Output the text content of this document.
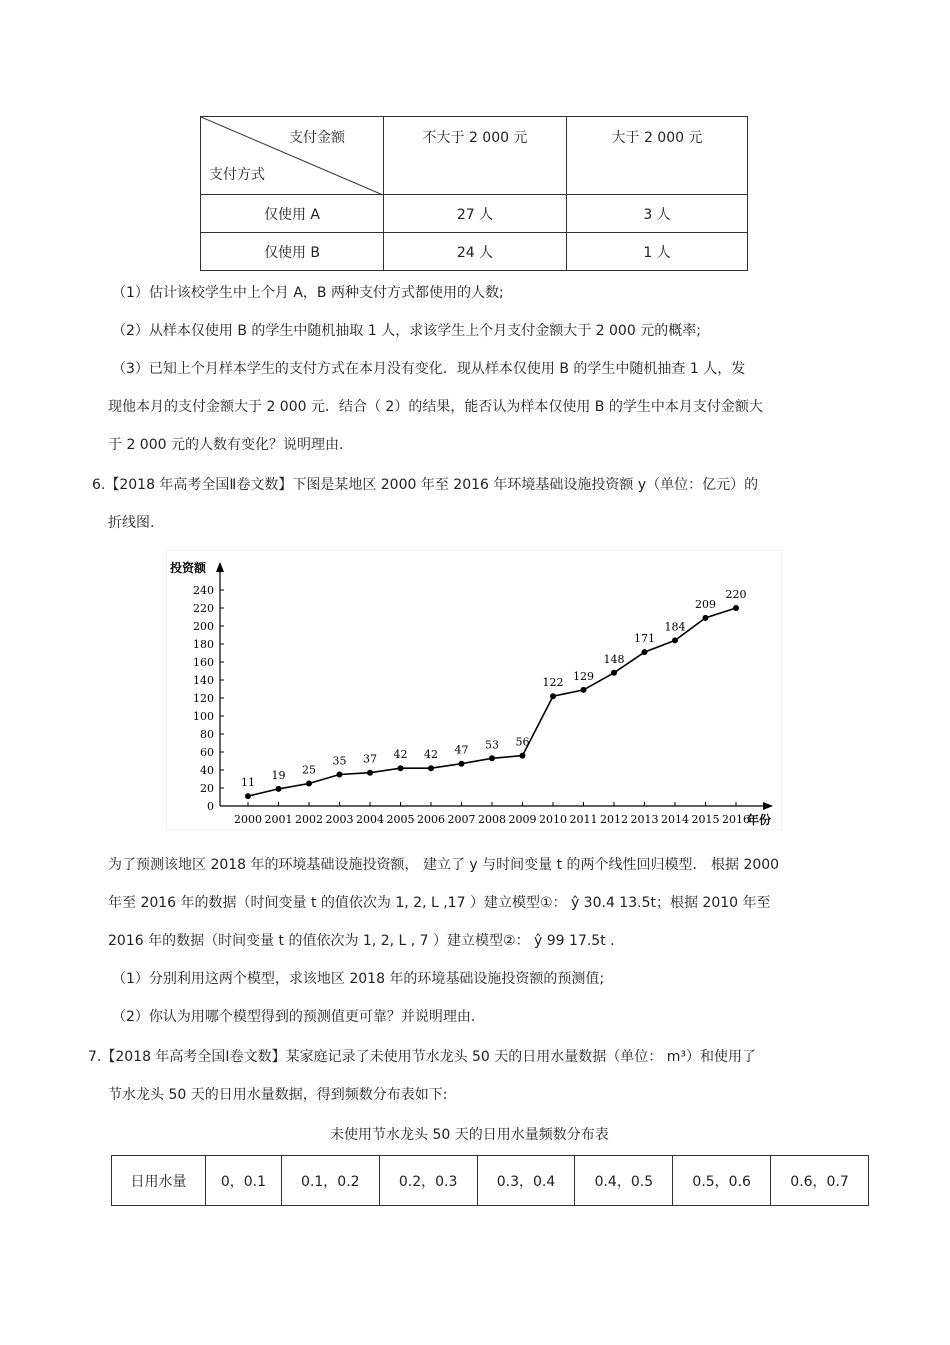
支付金额
支付方式	不大于 2 000 元	大于 2 000 元
仅使用 A	27 人	3 人
仅使用 B	24 人	1 人
（1）估计该校学生中上个月 A，B 两种支付方式都使用的人数;
（2）从样本仅使用 B 的学生中随机抽取 1 人，求该学生上个月支付金额大于 2 000 元的概率;
（3）已知上个月样本学生的支付方式在本月没有变化．现从样本仅使用 B 的学生中随机抽查 1 人，发
现他本月的支付金额大于 2 000 元．结合（ 2）的结果，能否认为样本仅使用 B 的学生中本月支付金额大
于 2 000 元的人数有变化？说明理由.
6.【2018 年高考全国Ⅱ卷文数】下图是某地区 2000 年至 2016 年环境基础设施投资额 y（单位：亿元）的
折线图.
投资额
年份
0
20
40
60
80
100
120
140
160
180
200
220
240
2000 2001 2002 2003 2004 2005 2006 2007 2008 2009 2010 2011 2012 2013 2014 2015 2016
11
19 25
35 37 42 42 47 53 56
122 129
148
171
184
209
220
为了预测该地区 2018 年的环境基础设施投资额， 建立了 y 与时间变量 t 的两个线性回归模型． 根据 2000
年至 2016 年的数据（时间变量 t 的值依次为 1, 2, L ,17 ）建立模型①： ŷ 30.4 13.5t；根据 2010 年至
2016 年的数据（时间变量 t 的值依次为 1, 2, L , 7 ）建立模型②： ŷ 99 17.5t .
（1）分别利用这两个模型，求该地区 2018 年的环境基础设施投资额的预测值;
（2）你认为用哪个模型得到的预测值更可靠？并说明理由.
7.【2018 年高考全国Ⅰ卷文数】某家庭记录了未使用节水龙头 50 天的日用水量数据（单位： m³）和使用了
节水龙头 50 天的日用水量数据，得到频数分布表如下:
未使用节水龙头 50 天的日用水量频数分布表
日用水量	0，0.1	0.1，0.2	0.2，0.3	0.3，0.4	0.4，0.5	0.5，0.6	0.6，0.7
